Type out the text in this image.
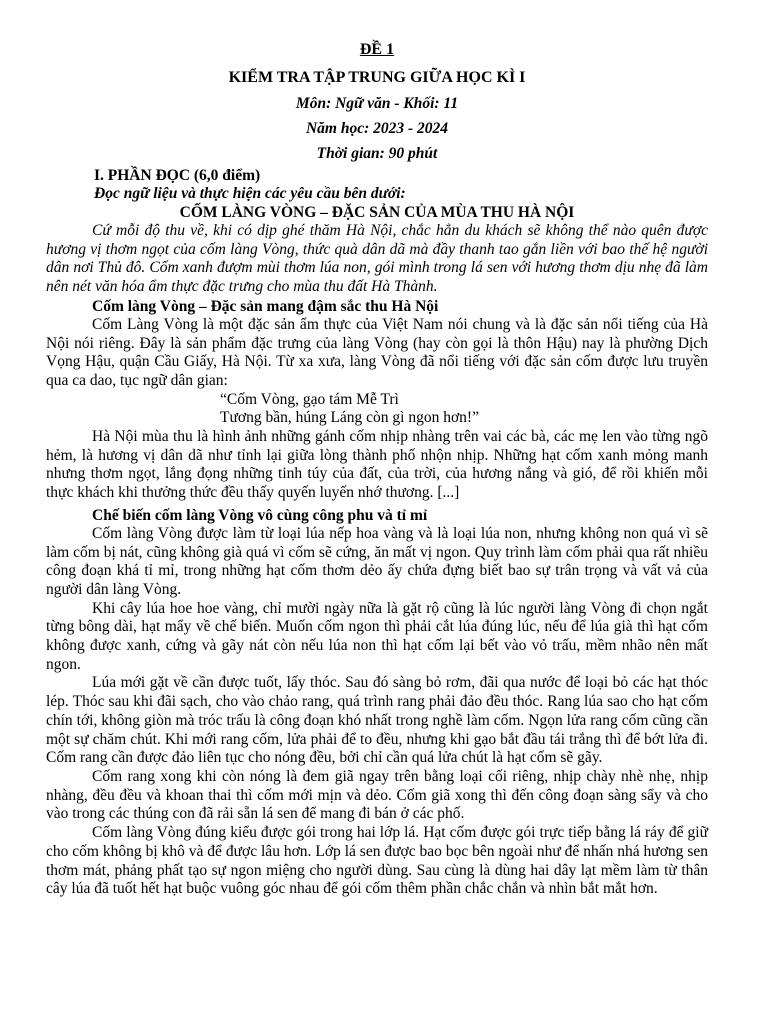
ĐỀ 1
KIỂM TRA TẬP TRUNG GIỮA HỌC KÌ I
Môn: Ngữ văn - Khối: 11
Năm học: 2023 - 2024
Thời gian: 90 phút
I. PHẦN ĐỌC (6,0 điểm)
Đọc ngữ liệu và thực hiện các yêu cầu bên dưới:
CỐM LÀNG VÒNG – ĐẶC SẢN CỦA MÙA THU HÀ NỘI

Cứ mỗi độ thu về, khi có dịp ghé thăm Hà Nội, chắc hẳn du khách sẽ không thể nào quên được hương vị thơm ngọt của cốm làng Vòng, thức quà dân dã mà đầy thanh tao gắn liền với bao thế hệ người dân nơi Thủ đô. Cốm xanh đượm mùi thơm lúa non, gói mình trong lá sen với hương thơm dịu nhẹ đã làm nên nét văn hóa ẩm thực đặc trưng cho mùa thu đất Hà Thành.

Cốm làng Vòng – Đặc sản mang đậm sắc thu Hà Nội

Cốm Làng Vòng là một đặc sản ẩm thực của Việt Nam nói chung và là đặc sản nổi tiếng của Hà Nội nói riêng. Đây là sản phẩm đặc trưng của làng Vòng (hay còn gọi là thôn Hậu) nay là phường Dịch Vọng Hậu, quận Cầu Giấy, Hà Nội. Từ xa xưa, làng Vòng đã nổi tiếng với đặc sản cốm được lưu truyền qua ca dao, tục ngữ dân gian:

“Cốm Vòng, gạo tám Mễ Trì
Tương bần, húng Láng còn gì ngon hơn!”

Hà Nội mùa thu là hình ảnh những gánh cốm nhịp nhàng trên vai các bà, các mẹ len vào từng ngõ hẻm, là hương vị dân dã như tỉnh lại giữa lòng thành phố nhộn nhịp. Những hạt cốm xanh mỏng manh nhưng thơm ngọt, lắng đọng những tinh túy của đất, của trời, của hương nắng và gió, để rồi khiến mỗi thực khách khi thưởng thức đều thấy quyến luyến nhớ thương. [...]

Chế biến cốm làng Vòng vô cùng công phu và tỉ mỉ

Cốm làng Vòng được làm từ loại lúa nếp hoa vàng và là loại lúa non, nhưng không non quá vì sẽ làm cốm bị nát, cũng không già quá vì cốm sẽ cứng, ăn mất vị ngon. Quy trình làm cốm phải qua rất nhiều công đoạn khá tỉ mỉ, trong những hạt cốm thơm dẻo ấy chứa đựng biết bao sự trân trọng và vất vả của người dân làng Vòng.

Khi cây lúa hoe hoe vàng, chỉ mười ngày nữa là gặt rộ cũng là lúc người làng Vòng đi chọn ngắt từng bông dài, hạt mẩy về chế biến. Muốn cốm ngon thì phải cắt lúa đúng lúc, nếu để lúa già thì hạt cốm không được xanh, cứng và gãy nát còn nếu lúa non thì hạt cốm lại bết vào vỏ trấu, mềm nhão nên mất ngon.

Lúa mới gặt về cần được tuốt, lấy thóc. Sau đó sàng bỏ rơm, đãi qua nước để loại bỏ các hạt thóc lép. Thóc sau khi đãi sạch, cho vào chảo rang, quá trình rang phải đảo đều thóc. Rang lúa sao cho hạt cốm chín tới, không giòn mà tróc trấu là công đoạn khó nhất trong nghề làm cốm. Ngọn lửa rang cốm cũng cần một sự chăm chút. Khi mới rang cốm, lửa phải để to đều, nhưng khi gạo bắt đầu tái trắng thì để bớt lửa đi. Cốm rang cần được đảo liên tục cho nóng đều, bởi chỉ cần quá lửa chút là hạt cốm sẽ gãy.

Cốm rang xong khi còn nóng là đem giã ngay trên bằng loại cối riêng, nhịp chày nhè nhẹ, nhịp nhàng, đều đều và khoan thai thì cốm mới mịn và dẻo. Cốm giã xong thì đến công đoạn sàng sẩy và cho vào trong các thúng con đã rải sẵn lá sen để mang đi bán ở các phố.

Cốm làng Vòng đúng kiểu được gói trong hai lớp lá. Hạt cốm được gói trực tiếp bằng lá ráy để giữ cho cốm không bị khô và để được lâu hơn. Lớp lá sen được bao bọc bên ngoài như để nhấn nhá hương sen thơm mát, phảng phất tạo sự ngon miệng cho người dùng. Sau cùng là dùng hai dây lạt mềm làm từ thân cây lúa đã tuốt hết hạt buộc vuông góc nhau để gói cốm thêm phần chắc chắn và nhìn bắt mắt hơn.
